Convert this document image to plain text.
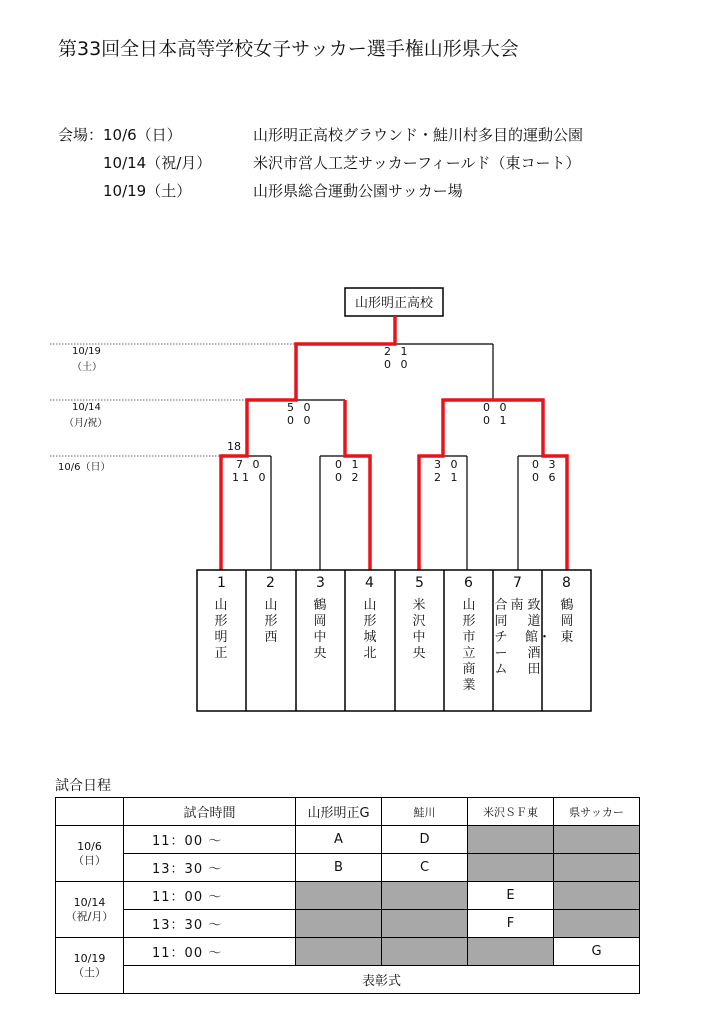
第33回全日本高等学校女子サッカー選手権山形県大会
会場： 10/6（日）	山形明正高校グラウンド・鮭川村多目的運動公園
10/14（祝/月）	米沢市営人工芝サッカーフィールド（東コート）
10/19（土）	山形県総合運動公園サッカー場
山形明正高校
10/19
（土）
10/14
（月/祝）
10/6（日）
2 1
0 0
5 0
0 0
0 0
0 1
18
7 0
11 0
0 1
0 2
3 0
2 1
0 3
0 6
1	2	3	4	5	6	7	8
山形明正
山形西
鶴岡中央
山形城北
米沢中央
山形市立商業
合同チーム
南 致道館・酒田
鶴岡東
試合日程
	試合時間	山形明正G	鮭川	米沢ＳＦ東	県サッカー
10/6
（日）	11：00 ～	A	D		
	13：30 ～	B	C		
10/14
（祝/月）	11：00 ～			E	
	13：30 ～			F	
10/19
（土）	11：00 ～				G
	表彰式				
